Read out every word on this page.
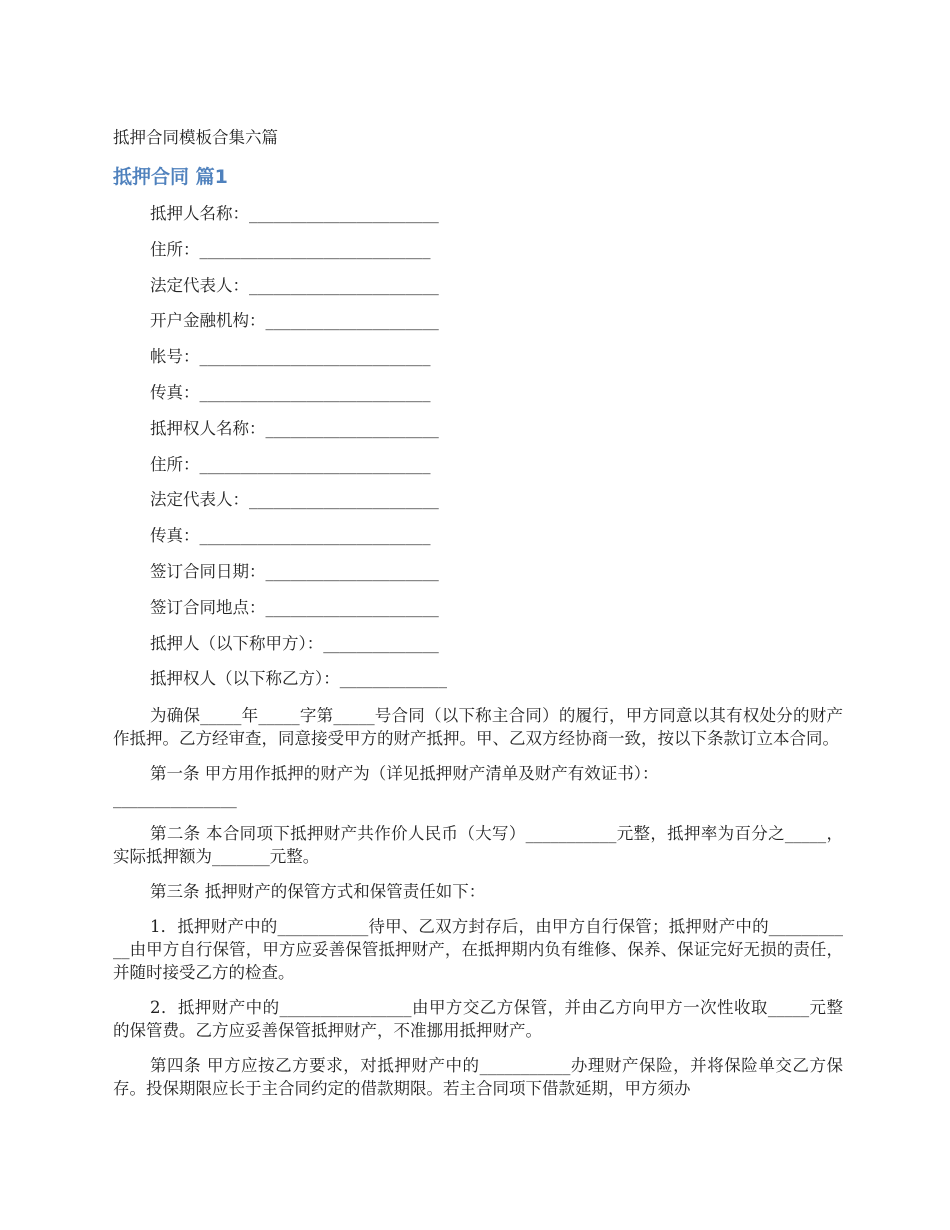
抵押合同模板合集六篇

抵押合同 篇1

抵押人名称：_______________________

住所：____________________________

法定代表人：_______________________

开户金融机构：_____________________

帐号：____________________________

传真：____________________________

抵押权人名称：_____________________

住所：____________________________

法定代表人：_______________________

传真：____________________________

签订合同日期：_____________________

签订合同地点：_____________________

抵押人（以下称甲方）：______________

抵押权人（以下称乙方）：_____________

为确保_____年_____字第_____号合同（以下称主合同）的履行，甲方同意以其有权处分的财产作抵押。乙方经审查，同意接受甲方的财产抵押。甲、乙双方经协商一致，按以下条款订立本合同。

第一条 甲方用作抵押的财产为（详见抵押财产清单及财产有效证书）：

_______________

第二条 本合同项下抵押财产共作价人民币（大写）___________元整，抵押率为百分之_____，实际抵押额为_______元整。

第三条 抵押财产的保管方式和保管责任如下：

1．抵押财产中的___________待甲、乙双方封存后，由甲方自行保管；抵押财产中的___________由甲方自行保管，甲方应妥善保管抵押财产，在抵押期内负有维修、保养、保证完好无损的责任，并随时接受乙方的检查。

2．抵押财产中的________________由甲方交乙方保管，并由乙方向甲方一次性收取_____元整的保管费。乙方应妥善保管抵押财产，不准挪用抵押财产。

第四条 甲方应按乙方要求，对抵押财产中的___________办理财产保险，并将保险单交乙方保存。投保期限应长于主合同约定的借款期限。若主合同项下借款延期，甲方须办
